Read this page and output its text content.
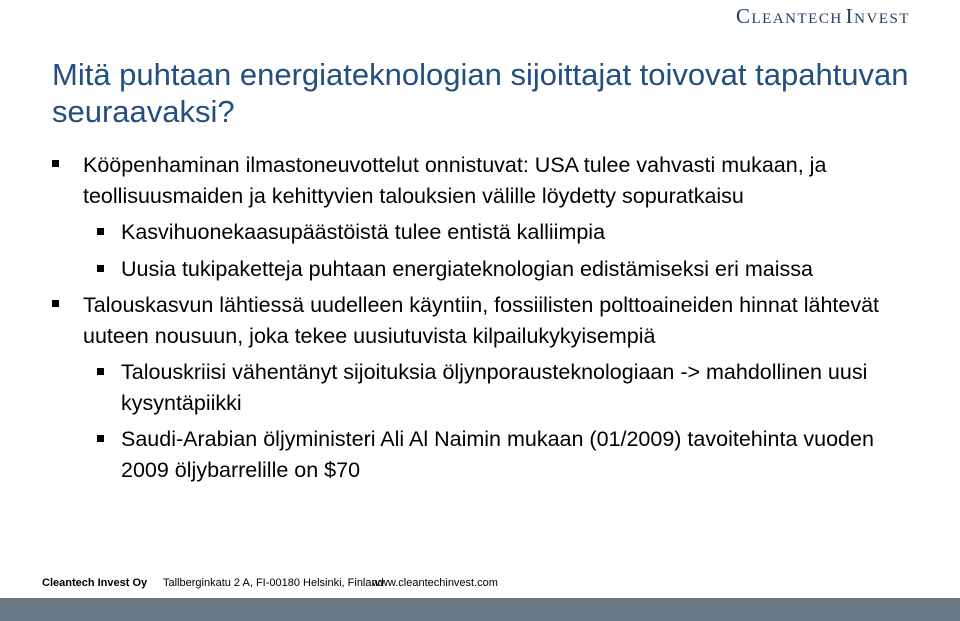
Cleantech Invest
Mitä puhtaan energiateknologian sijoittajat toivovat tapahtuvan seuraavaksi?
Kööpenhaminan ilmastoneuvottelut onnistuvat: USA tulee vahvasti mukaan, ja teollisuusmaiden ja kehittyvien talouksien välille löydetty sopuratkaisu
Kasvihuonekaasupäästöistä tulee entistä kalliimpia
Uusia tukipaketteja puhtaan energiateknologian edistämiseksi eri maissa
Talouskasvun lähtiessä uudelleen käyntiin, fossiilisten polttoaineiden hinnat lähtevät uuteen nousuun, joka tekee uusiutuvista kilpailukykyisempiä
Talouskriisi vähentänyt sijoituksia öljynporausteknologiaan -> mahdollinen uusi kysyntäpiikki
Saudi-Arabian öljyministeri Ali Al Naimin mukaan (01/2009) tavoitehinta vuoden 2009 öljybarrelille on $70
Cleantech Invest Oy Tallberginkatu 2 A, FI-00180 Helsinki, Finland
www.cleantechinvest.com
